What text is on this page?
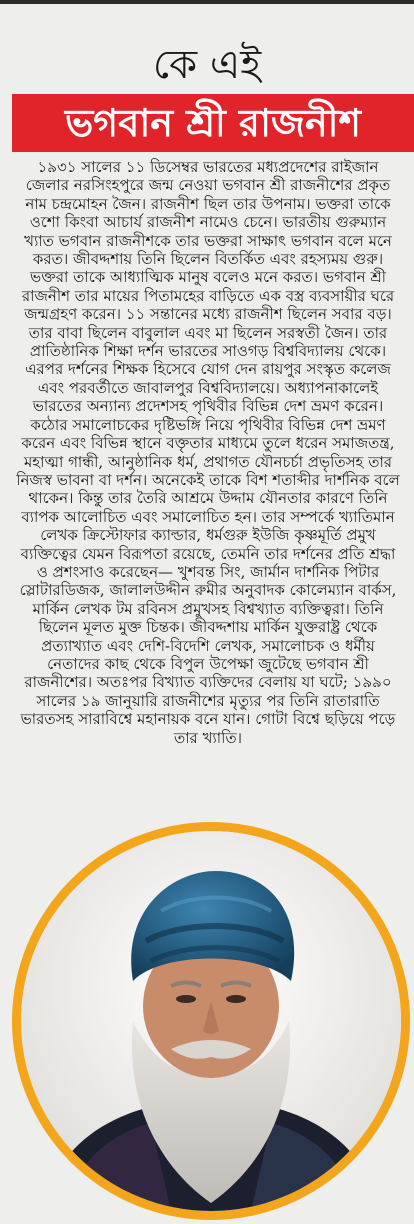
কে এই
ভগবান শ্রী রাজনীশ
১৯৩১ সালের ১১ ডিসেম্বর ভারতের মধ্যপ্রদেশের রাইজান জেলার নরসিংহপুরে জন্ম নেওয়া ভগবান শ্রী রাজনীশের প্রকৃত নাম চন্দ্রমোহন জৈন। রাজনীশ ছিল তার উপনাম। ভক্তরা তাকে ওশো কিংবা আচার্য রাজনীশ নামেও চেনে। ভারতীয় গুরুম্যান খ্যাত ভগবান রাজনীশকে তার ভক্তরা সাক্ষাৎ ভগবান বলে মনে করত। জীবদ্দশায় তিনি ছিলেন বিতর্কিত এবং রহস্যময় গুরু। ভক্তরা তাকে আধ্যাত্মিক মানুষ বলেও মনে করত। ভগবান শ্রী রাজনীশ তার মায়ের পিতামহের বাড়িতে এক বস্ত্র ব্যবসায়ীর ঘরে জন্মগ্রহণ করেন। ১১ সন্তানের মধ্যে রাজনীশ ছিলেন সবার বড়। তার বাবা ছিলেন বাবুলাল এবং মা ছিলেন সরস্বতী জৈন। তার প্রাতিষ্ঠানিক শিক্ষা দর্শন ভারতের সাওগড় বিশ্ববিদ্যালয় থেকে। এরপর দর্শনের শিক্ষক হিসেবে যোগ দেন রায়পুর সংস্কৃত কলেজ এবং পরবর্তীতে জাবালপুর বিশ্ববিদ্যালয়ে। অধ্যাপনাকালেই ভারতের অন্যান্য প্রদেশসহ পৃথিবীর বিভিন্ন দেশ ভ্রমণ করেন। কঠোর সমালোচকের দৃষ্টিভঙ্গি নিয়ে পৃথিবীর বিভিন্ন দেশ ভ্রমণ করেন এবং বিভিন্ন স্থানে বক্তৃতার মাধ্যমে তুলে ধরেন সমাজতন্ত্র, মহাত্মা গান্ধী, আনুষ্ঠানিক ধর্ম, প্রথাগত যৌনচর্চা প্রভৃতিসহ তার নিজস্ব ভাবনা বা দর্শন। অনেকেই তাকে বিশ শতাব্দীর দার্শনিক বলে থাকেন। কিন্তু তার তৈরি আশ্রমে উদ্দাম যৌনতার কারণে তিনি ব্যাপক আলোচিত এবং সমালোচিত হন। তার সম্পর্কে খ্যাতিমান লেখক ক্রিস্টোফার ক্যাল্ডার, ধর্মগুরু ইউজি কৃষ্ণমূর্তি প্রমুখ ব্যক্তিত্বের যেমন বিরূপতা রয়েছে, তেমনি তার দর্শনের প্রতি শ্রদ্ধা ও প্রশংসাও করেছেন— খুশবন্ত সিং, জার্মান দার্শনিক পিটার স্লোটারডিজক, জালালউদ্দীন রুমীর অনুবাদক কোলেম্যান বার্কস, মার্কিন লেখক টম রবিনস প্রমুখসহ বিশ্বখ্যাত ব্যক্তিত্বরা। তিনি ছিলেন মূলত মুক্ত চিন্তক। জীবদ্দশায় মার্কিন যুক্তরাষ্ট্র থেকে প্রত্যাখ্যাত এবং দেশি-বিদেশি লেখক, সমালোচক ও ধর্মীয় নেতাদের কাছ থেকে বিপুল উপেক্ষা জুটেছে ভগবান শ্রী রাজনীশের। অতঃপর বিখ্যাত ব্যক্তিদের বেলায় যা ঘটে; ১৯৯০ সালের ১৯ জানুয়ারি রাজনীশের মৃত্যুর পর তিনি রাতারাতি ভারতসহ সারাবিশ্বে মহানায়ক বনে যান। গোটা বিশ্বে ছড়িয়ে পড়ে তার খ্যাতি।
